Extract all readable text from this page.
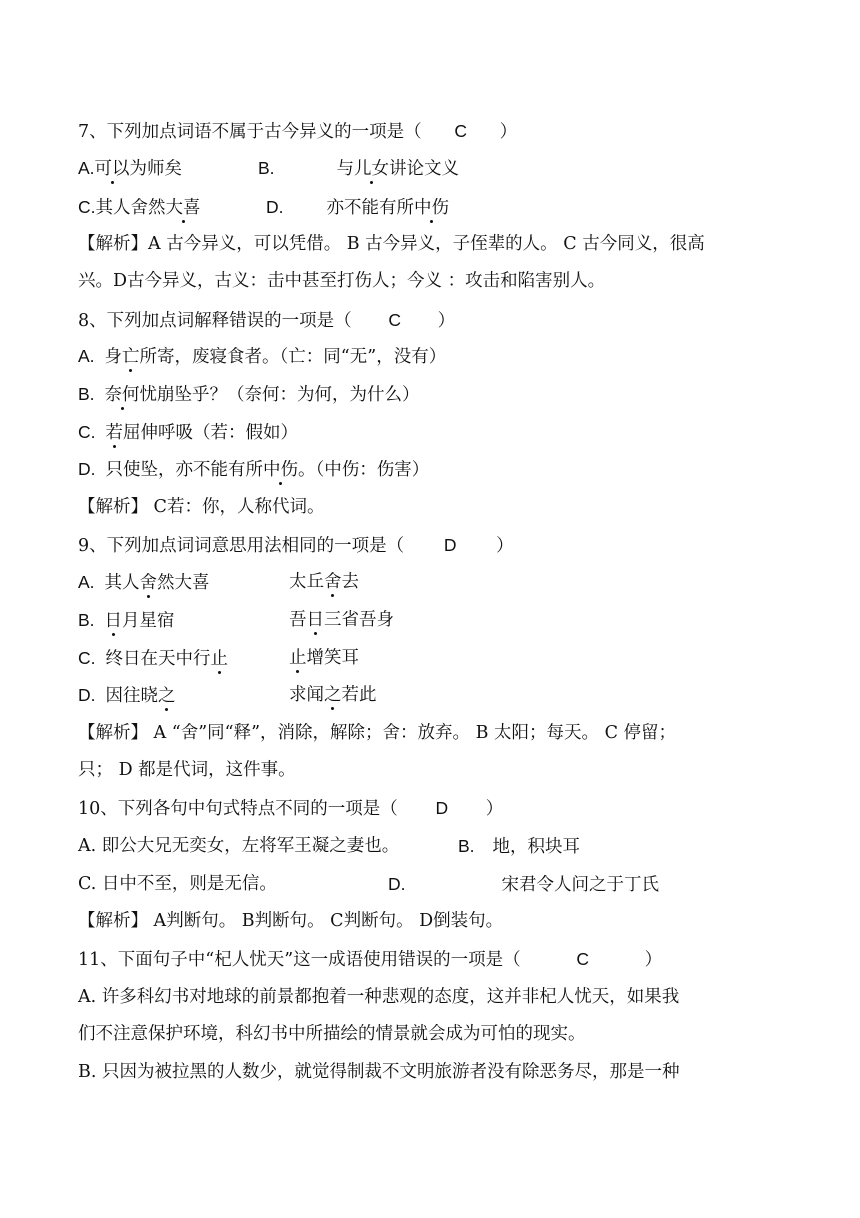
7、下列加点词语不属于古今异义的一项是（ C ）
A.可以为师矣	B.	与儿女讲论文义
C.其人舍然大喜	D. 亦不能有所中伤
【解析】A 古今异义，可以凭借。 B 古今异义，子侄辈的人。 C 古今同义，很高
兴。D古今异义，古义：击中甚至打伤人；今义 ：攻击和陷害别人。
8、下列加点词解释错误的一项是（ C ）
A. 身亡所寄，废寝食者。（亡：同“无”，没有）
B. 奈何忧崩坠乎？（奈何：为何，为什么）
C. 若屈伸呼吸（若：假如）
D. 只使坠，亦不能有所中伤。（中伤：伤害）
【解析】 C若：你，人称代词。
9、下列加点词词意思用法相同的一项是（ D ）
A. 其人舍然大喜	太丘舍去
B. 日月星宿	吾日三省吾身
C. 终日在天中行止	止增笑耳
D. 因往晓之	求闻之若此
【解析】 A “舍”同“释”，消除，解除；舍：放弃。 B 太阳；每天。 C 停留；
只； D 都是代词，这件事。
10、下列各句中句式特点不同的一项是（ D ）
A. 即公大兄无奕女，左将军王凝之妻也。	B. 地，积块耳
C. 日中不至，则是无信。	D.	宋君令人问之于丁氏
【解析】 A判断句。 B判断句。 C判断句。 D倒装句。
11、下面句子中“杞人忧天”这一成语使用错误的一项是（	C	）
A. 许多科幻书对地球的前景都抱着一种悲观的态度，这并非杞人忧天，如果我
们不注意保护环境，科幻书中所描绘的情景就会成为可怕的现实。
B. 只因为被拉黑的人数少，就觉得制裁不文明旅游者没有除恶务尽，那是一种
